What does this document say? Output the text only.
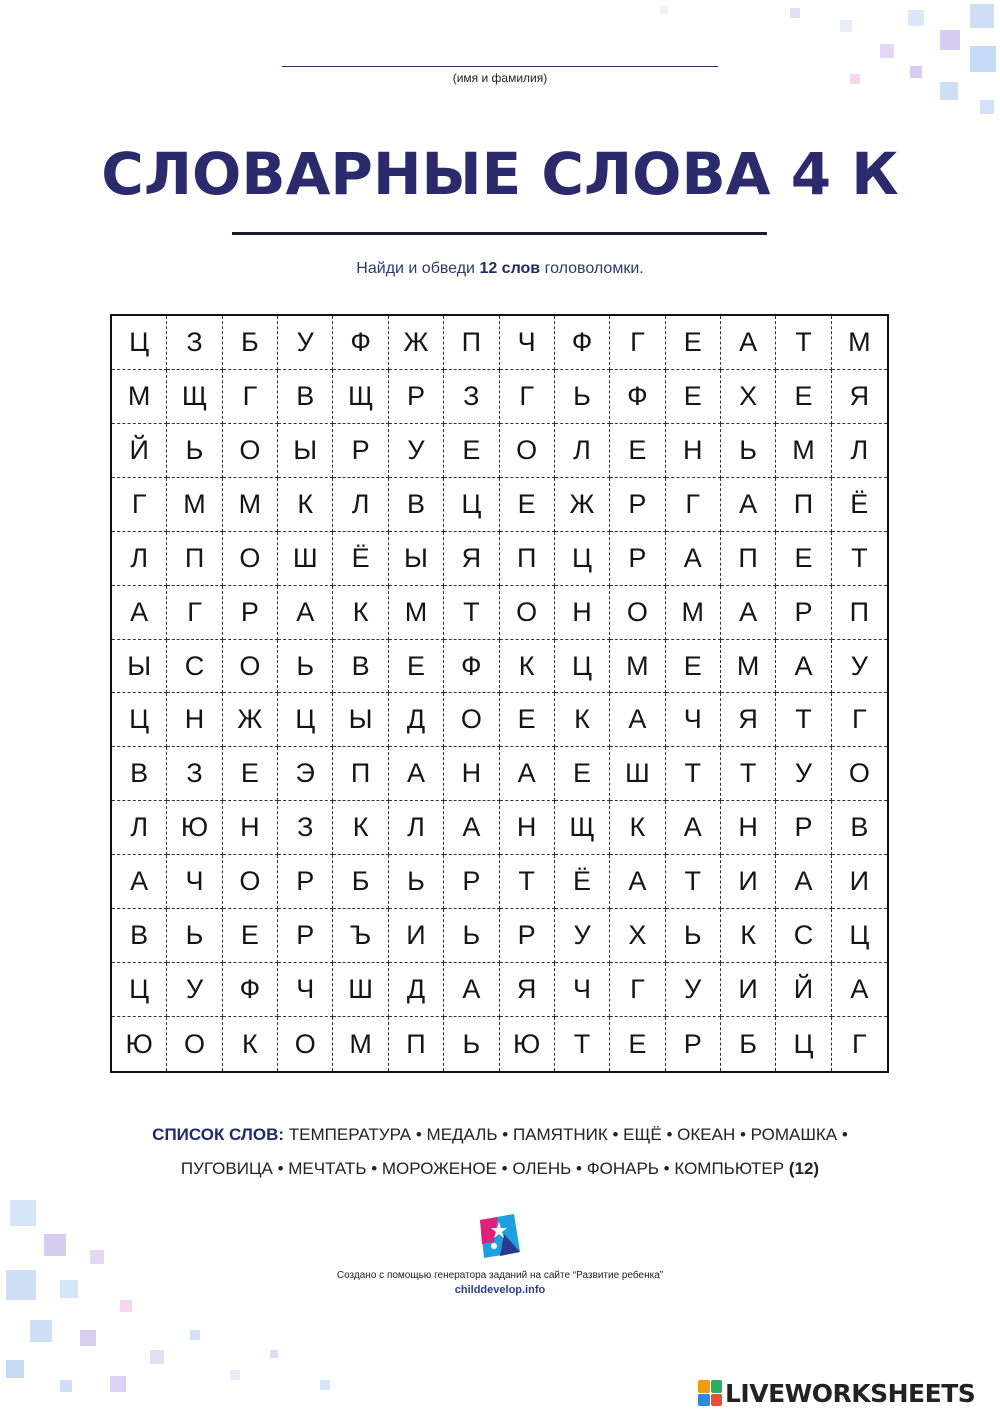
(имя и фамилия)
СЛОВАРНЫЕ СЛОВА 4 К

Найди и обведи 12 слов головоломки.

Ц	З	Б	У	Ф	Ж	П	Ч	Ф	Г	Е	А	Т	М
М	Щ	Г	В	Щ	Р	З	Г	Ь	Ф	Е	Х	Е	Я
Й	Ь	О	Ы	Р	У	Е	О	Л	Е	Н	Ь	М	Л
Г	М	М	К	Л	В	Ц	Е	Ж	Р	Г	А	П	Ё
Л	П	О	Ш	Ё	Ы	Я	П	Ц	Р	А	П	Е	Т
А	Г	Р	А	К	М	Т	О	Н	О	М	А	Р	П
Ы	С	О	Ь	В	Е	Ф	К	Ц	М	Е	М	А	У
Ц	Н	Ж	Ц	Ы	Д	О	Е	К	А	Ч	Я	Т	Г
В	З	Е	Э	П	А	Н	А	Е	Ш	Т	Т	У	О
Л	Ю	Н	З	К	Л	А	Н	Щ	К	А	Н	Р	В
А	Ч	О	Р	Б	Ь	Р	Т	Ё	А	Т	И	А	И
В	Ь	Е	Р	Ъ	И	Ь	Р	У	Х	Ь	К	С	Ц
Ц	У	Ф	Ч	Ш	Д	А	Я	Ч	Г	У	И	Й	А
Ю	О	К	О	М	П	Ь	Ю	Т	Е	Р	Б	Ц	Г
СПИСОК СЛОВ: ТЕМПЕРАТУРА • МЕДАЛЬ • ПАМЯТНИК • ЕЩЁ • ОКЕАН • РОМАШКА •
ПУГОВИЦА • МЕЧТАТЬ • МОРОЖЕНОЕ • ОЛЕНЬ • ФОНАРЬ • КОМПЬЮТЕР (12)
Создано с помощью генератора заданий на сайте “Развитие ребенка”
childdevelop.info
LIVEWORKSHEETS
